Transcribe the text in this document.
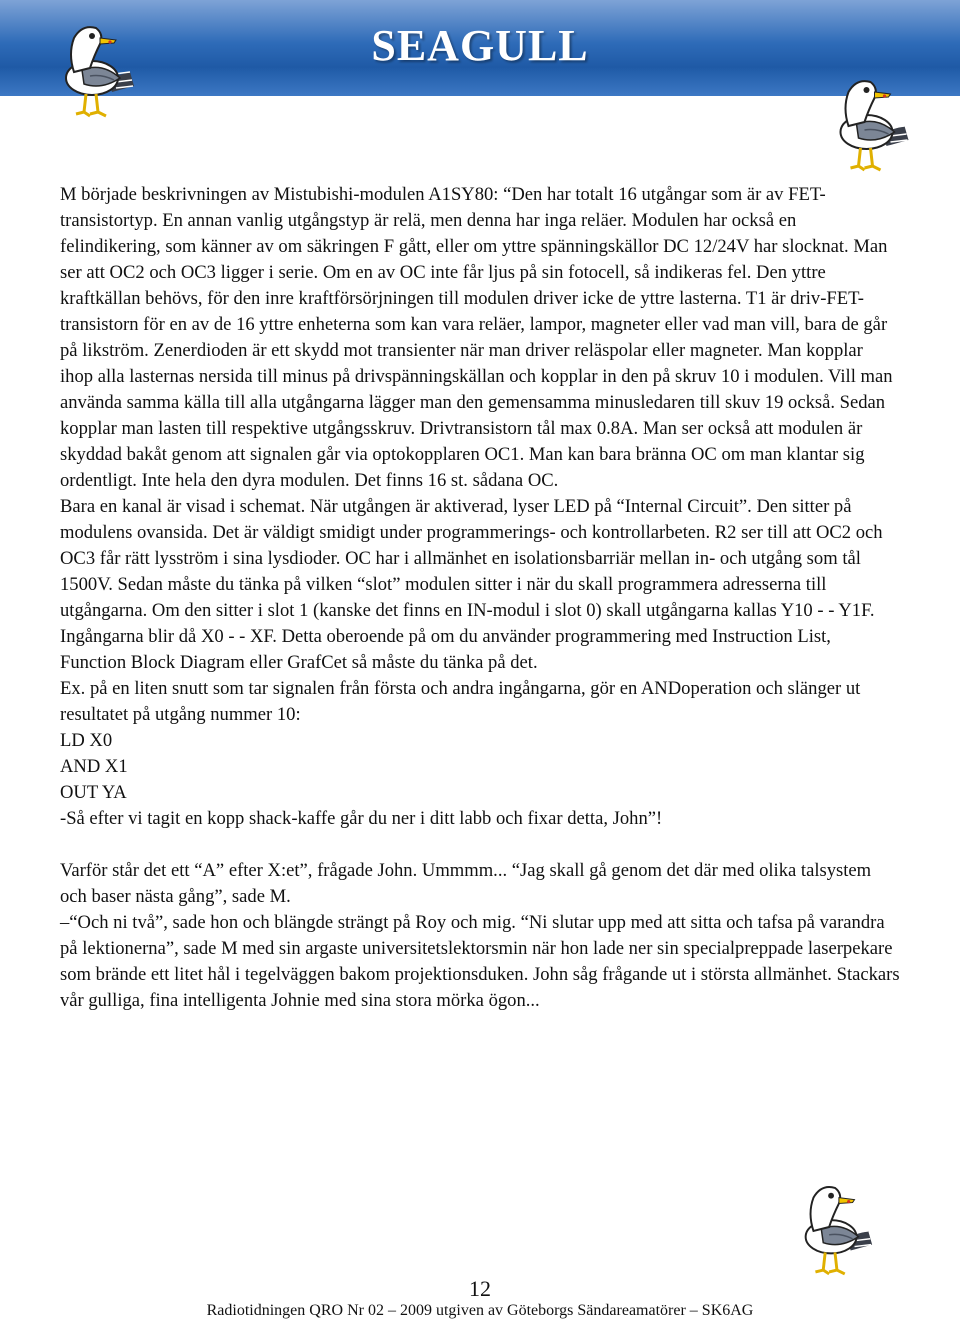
SEAGULL

M började beskrivningen av Mistubishi-modulen A1SY80: “Den har totalt 16 utgångar som är av FET-transistortyp. En annan vanlig utgångstyp är relä, men denna har inga reläer. Modulen har också en felindikering, som känner av om säkringen F gått, eller om yttre spänningskällor DC 12/24V har slocknat. Man ser att OC2 och OC3 ligger i serie. Om en av OC inte får ljus på sin fotocell, så indikeras fel. Den yttre kraftkällan behövs, för den inre kraftförsörjningen till modulen driver icke de yttre lasterna. T1 är driv-FET-transistorn för en av de 16 yttre enheterna som kan vara reläer, lampor, magneter eller vad man vill, bara de går på likström. Zenerdioden är ett skydd mot transienter när man driver reläspolar eller magneter. Man kopplar ihop alla lasternas nersida till minus på drivspänningskällan och kopplar in den på skruv 10 i modulen. Vill man använda samma källa till alla utgångarna lägger man den gemensamma minusledaren till skuv 19 också. Sedan kopplar man lasten till respektive utgångsskruv. Drivtransistorn tål max 0.8A. Man ser också att modulen är skyddad bakåt genom att signalen går via optokopplaren OC1. Man kan bara bränna OC om man klantar sig ordentligt. Inte hela den dyra modulen. Det finns 16 st. sådana OC.

Bara en kanal är visad i schemat. När utgången är aktiverad, lyser LED på “Internal Circuit”. Den sitter på modulens ovansida. Det är väldigt smidigt under programmerings- och kontrollarbeten. R2 ser till att OC2 och OC3 får rätt lysström i sina lysdioder. OC har i allmänhet en isolationsbarriär mellan in- och utgång som tål 1500V. Sedan måste du tänka på vilken “slot” modulen sitter i när du skall programmera adresserna till utgångarna. Om den sitter i slot 1 (kanske det finns en IN-modul i slot 0) skall utgångarna kallas Y10 - - Y1F. Ingångarna blir då X0 - - XF. Detta oberoende på om du använder programmering med Instruction List, Function Block Diagram eller GrafCet så måste du tänka på det.

Ex. på en liten snutt som tar signalen från första och andra ingångarna, gör en ANDoperation och slänger ut resultatet på utgång nummer 10:

LD X0

AND X1

OUT YA

-Så efter vi tagit en kopp shack-kaffe går du ner i ditt labb och fixar detta, John”!

Varför står det ett “A” efter X:et”, frågade John. Ummmm... “Jag skall gå genom det där med olika talsystem och baser nästa gång”, sade M.

–“Och ni två”, sade hon och blängde strängt på Roy och mig. “Ni slutar upp med att sitta och tafsa på varandra på lektionerna”, sade M med sin argaste universitetslektorsmin när hon lade ner sin specialpreppade laserpekare som brände ett litet hål i tegelväggen bakom projektionsduken. John såg frågande ut i största allmänhet. Stackars vår gulliga, fina intelligenta Johnie med sina stora mörka ögon...

12
Radiotidningen QRO Nr 02 – 2009 utgiven av Göteborgs Sändareamatörer – SK6AG
